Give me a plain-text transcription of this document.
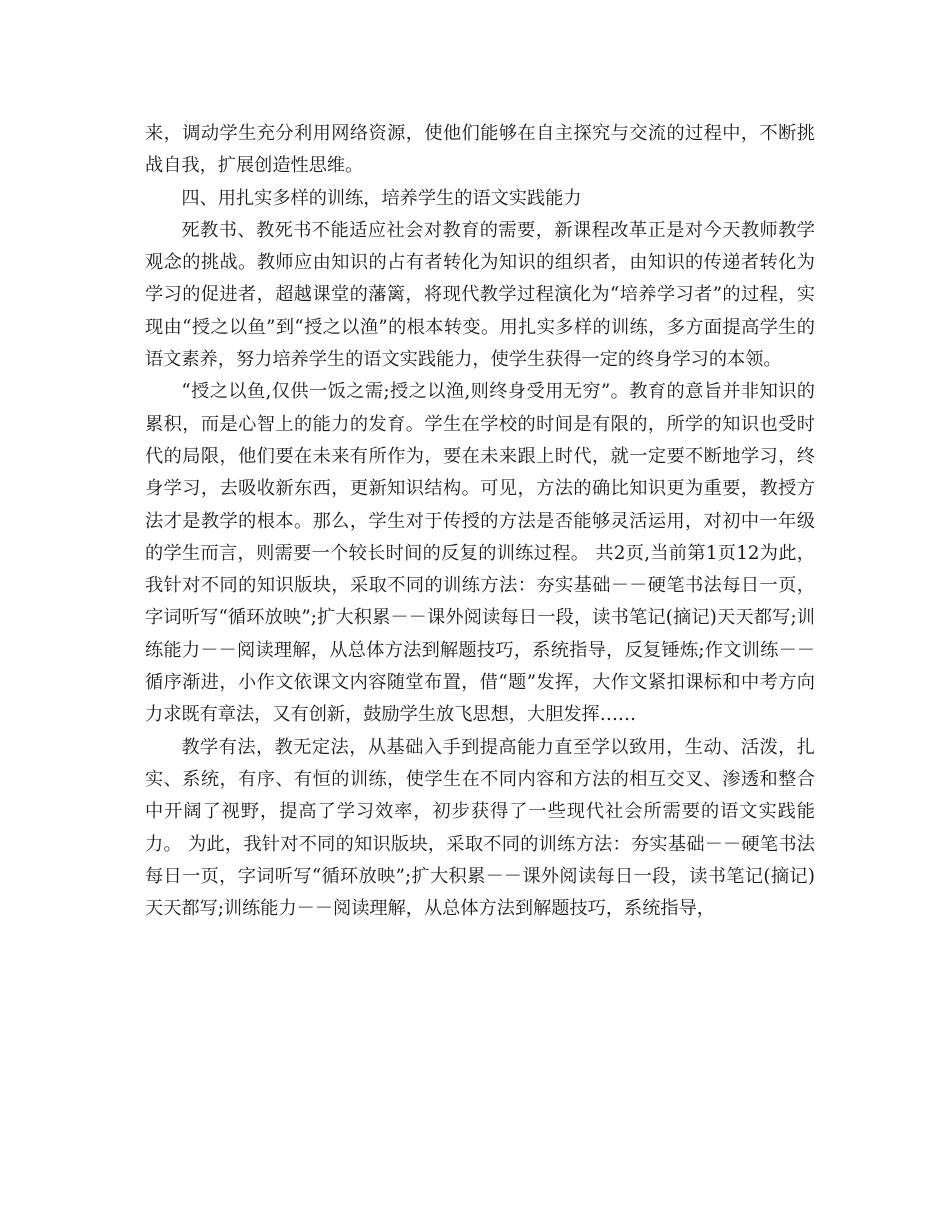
来，调动学生充分利用网络资源，使他们能够在自主探究与交流的过程中，不断挑战自我，扩展创造性思维。

四、用扎实多样的训练，培养学生的语文实践能力

死教书、教死书不能适应社会对教育的需要，新课程改革正是对今天教师教学观念的挑战。教师应由知识的占有者转化为知识的组织者，由知识的传递者转化为学习的促进者，超越课堂的藩篱，将现代教学过程演化为“培养学习者”的过程，实现由“授之以鱼”到“授之以渔”的根本转变。用扎实多样的训练，多方面提高学生的语文素养，努力培养学生的语文实践能力，使学生获得一定的终身学习的本领。

“授之以鱼,仅供一饭之需;授之以渔,则终身受用无穷”。教育的意旨并非知识的累积，而是心智上的能力的发育。学生在学校的时间是有限的，所学的知识也受时代的局限，他们要在未来有所作为，要在未来跟上时代，就一定要不断地学习，终身学习，去吸收新东西，更新知识结构。可见，方法的确比知识更为重要，教授方法才是教学的根本。那么，学生对于传授的方法是否能够灵活运用，对初中一年级的学生而言，则需要一个较长时间的反复的训练过程。 共2页,当前第1页12为此，我针对不同的知识版块，采取不同的训练方法：夯实基础－－硬笔书法每日一页，字词听写“循环放映”;扩大积累－－课外阅读每日一段，读书笔记(摘记)天天都写;训练能力－－阅读理解，从总体方法到解题技巧，系统指导，反复锤炼;作文训练－－循序渐进，小作文依课文内容随堂布置，借“题”发挥，大作文紧扣课标和中考方向力求既有章法，又有创新，鼓励学生放飞思想，大胆发挥……

教学有法，教无定法，从基础入手到提高能力直至学以致用，生动、活泼，扎实、系统，有序、有恒的训练，使学生在不同内容和方法的相互交叉、渗透和整合中开阔了视野，提高了学习效率，初步获得了一些现代社会所需要的语文实践能力。 为此，我针对不同的知识版块，采取不同的训练方法：夯实基础－－硬笔书法每日一页，字词听写“循环放映”;扩大积累－－课外阅读每日一段，读书笔记(摘记)天天都写;训练能力－－阅读理解，从总体方法到解题技巧，系统指导，
